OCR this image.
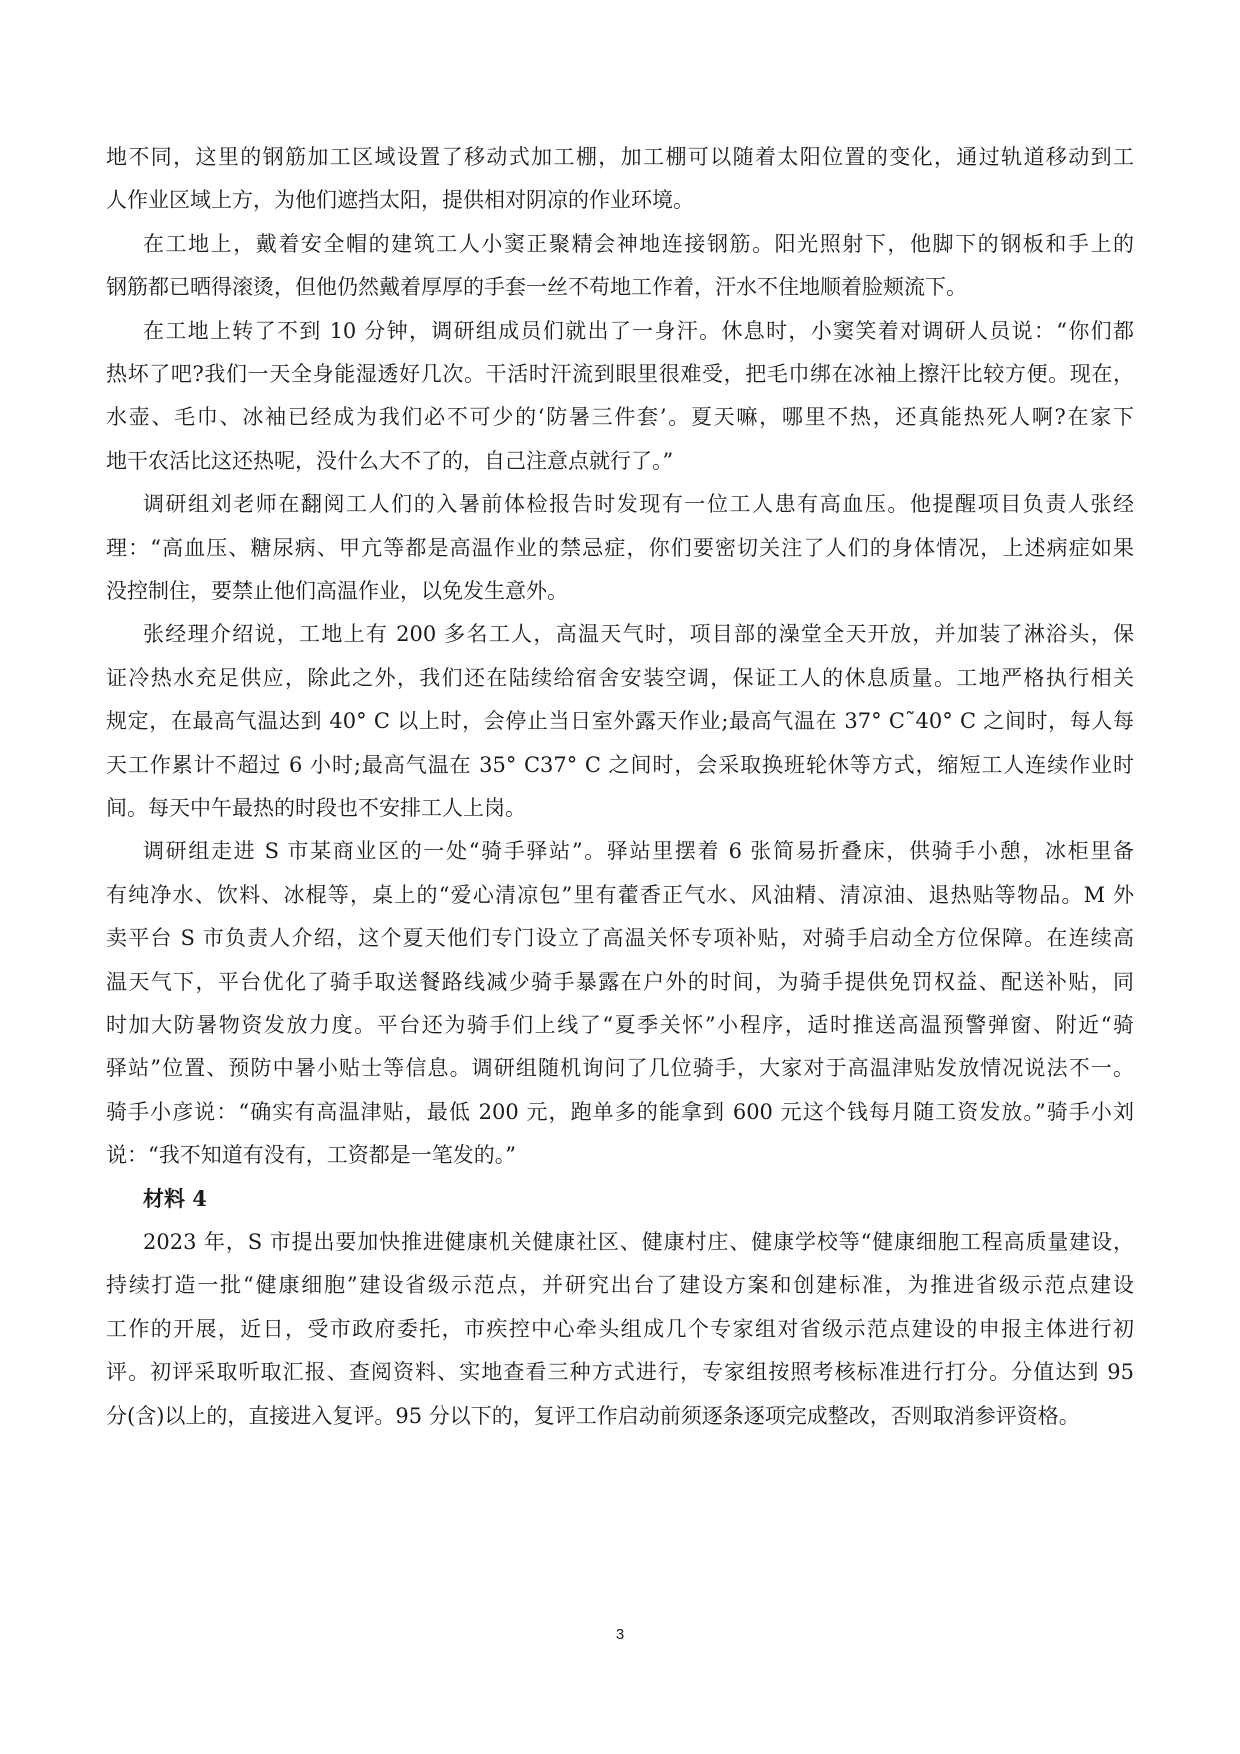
地不同，这里的钢筋加工区域设置了移动式加工棚，加工棚可以随着太阳位置的变化，通过轨道移动到工
人作业区域上方，为他们遮挡太阳，提供相对阴凉的作业环境。
在工地上，戴着安全帽的建筑工人小窦正聚精会神地连接钢筋。阳光照射下，他脚下的钢板和手上的
钢筋都已晒得滚烫，但他仍然戴着厚厚的手套一丝不苟地工作着，汗水不住地顺着脸颊流下。
在工地上转了不到 10 分钟，调研组成员们就出了一身汗。休息时，小窦笑着对调研人员说：“你们都
热坏了吧?我们一天全身能湿透好几次。干活时汗流到眼里很难受，把毛巾绑在冰袖上擦汗比较方便。现在，
水壶、毛巾、冰袖已经成为我们必不可少的‘防暑三件套’。夏天嘛，哪里不热，还真能热死人啊?在家下
地干农活比这还热呢，没什么大不了的，自己注意点就行了。”
调研组刘老师在翻阅工人们的入暑前体检报告时发现有一位工人患有高血压。他提醒项目负责人张经
理：“高血压、糖尿病、甲亢等都是高温作业的禁忌症，你们要密切关注了人们的身体情况，上述病症如果
没控制住，要禁止他们高温作业，以免发生意外。
张经理介绍说，工地上有 200 多名工人，高温天气时，项目部的澡堂全天开放，并加装了淋浴头，保
证冷热水充足供应，除此之外，我们还在陆续给宿舍安装空调，保证工人的休息质量。工地严格执行相关
规定，在最高气温达到 40° C 以上时，会停止当日室外露天作业;最高气温在 37° C˜40° C 之间时，每人每
天工作累计不超过 6 小时;最高气温在 35° C37° C 之间时，会采取换班轮休等方式，缩短工人连续作业时
间。每天中午最热的时段也不安排工人上岗。
调研组走进 S 市某商业区的一处“骑手驿站”。驿站里摆着 6 张简易折叠床，供骑手小憩，冰柜里备
有纯净水、饮料、冰棍等，桌上的“爱心清凉包”里有藿香正气水、风油精、清凉油、退热贴等物品。M 外
卖平台 S 市负责人介绍，这个夏天他们专门设立了高温关怀专项补贴，对骑手启动全方位保障。在连续高
温天气下，平台优化了骑手取送餐路线减少骑手暴露在户外的时间，为骑手提供免罚权益、配送补贴，同
时加大防暑物资发放力度。平台还为骑手们上线了“夏季关怀”小程序，适时推送高温预警弹窗、附近“骑
驿站”位置、预防中暑小贴士等信息。调研组随机询问了几位骑手，大家对于高温津贴发放情况说法不一。
骑手小彦说：“确实有高温津贴，最低 200 元，跑单多的能拿到 600 元这个钱每月随工资发放。”骑手小刘
说：“我不知道有没有，工资都是一笔发的。”
材料 4
2023 年，S 市提出要加快推进健康机关健康社区、健康村庄、健康学校等“健康细胞工程高质量建设，
持续打造一批“健康细胞”建设省级示范点，并研究出台了建设方案和创建标准，为推进省级示范点建设
工作的开展，近日，受市政府委托，市疾控中心牵头组成几个专家组对省级示范点建设的申报主体进行初
评。初评采取听取汇报、查阅资料、实地查看三种方式进行，专家组按照考核标准进行打分。分值达到 95
分(含)以上的，直接进入复评。95 分以下的，复评工作启动前须逐条逐项完成整改，否则取消参评资格。
3
